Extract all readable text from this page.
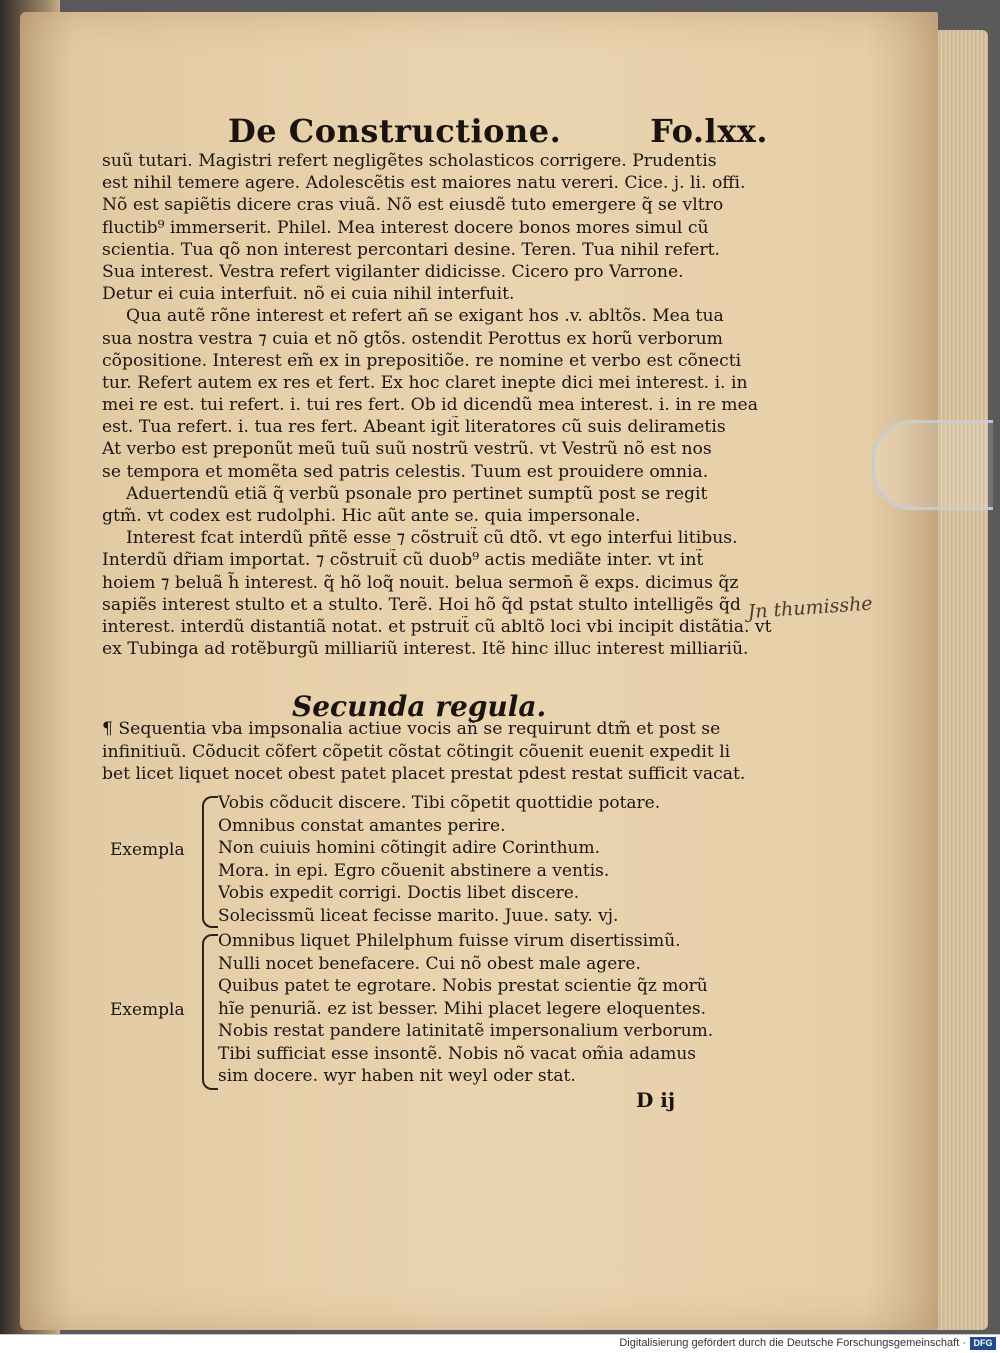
De Constructione.	Fo.lxx.
suũ tutari. Magistri refert negligẽtes scholasticos corrigere. Prudentis
est nihil temere agere. Adolescẽtis est maiores natu vereri. Cice. j. li. offi.
Nõ est sapiẽtis dicere cras viuã. Nõ est eiusdẽ tuto emergere q̃ se vltro
fluctib⁹ immerserit. Philel. Mea interest docere bonos mores simul cũ
scientia. Tua qõ non interest percontari desine. Teren. Tua nihil refert.
Sua interest. Vestra refert vigilanter didicisse. Cicero pro Varrone.
Detur ei cuia interfuit. nõ ei cuia nihil interfuit.
Qua autẽ rõne interest et refert añ se exigant hos .v. abltõs. Mea tua
sua nostra vestra ⁊ cuia et nõ gtõs. ostendit Perottus ex horũ verborum
cõpositione. Interest em̃ ex in prepositiõe. re nomine et verbo est cõnecti
tur. Refert autem ex res et fert. Ex hoc claret inepte dici mei interest. i. in
mei re est. tui refert. i. tui res fert. Ob id dicendũ mea interest. i. in re mea
est. Tua refert. i. tua res fert. Abeant igit̃ literatores cũ suis delirametis
At verbo est preponũt meũ tuũ suũ nostrũ vestrũ. vt Vestrũ nõ est nos
se tempora et momẽta sed patris celestis. Tuum est prouidere omnia.
Aduertendũ etiã q̃ verbũ psonale pro pertinet sumptũ post se regit
gtm̃. vt codex est rudolphi. Hic aũt ante se. quia impersonale.
Interest fcat interdũ pñtẽ esse ⁊ cõstruit̃ cũ dtõ. vt ego interfui litibus.
Interdũ dr̃iam importat. ⁊ cõstruit̃ cũ duob⁹ actis mediãte inter. vt int̃
hoiem ⁊ beluã h̃ interest. q̃ hõ loq̃ nouit. belua sermon̄ ẽ exps. dicimus q̃z
sapiẽs interest stulto et a stulto. Terẽ. Hoi hõ q̃d pstat stulto intelligẽs q̃d
interest. interdũ distantiã notat. et pstruit̃ cũ abltõ loci vbi incipit distãtia. vt
ex Tubinga ad rotẽburgũ milliariũ interest. Itẽ hinc illuc interest milliariũ.
Secunda regula.
¶ Sequentia vba impsonalia actiue vocis añ se requirunt dtm̃ et post se
infinitiuũ. Cõducit cõfert cõpetit cõstat cõtingit cõuenit euenit expedit li
bet licet liquet nocet obest patet placet prestat pdest restat sufficit vacat.
Exempla
Vobis cõducit discere. Tibi cõpetit quottidie potare.
Omnibus constat amantes perire.
Non cuiuis homini cõtingit adire Corinthum.
Mora. in epi. Egro cõuenit abstinere a ventis.
Vobis expedit corrigi. Doctis libet discere.
Solecissmũ liceat fecisse marito. Juue. saty. vj.
Exempla
Omnibus liquet Philelphum fuisse virum disertissimũ.
Nulli nocet benefacere. Cui nõ obest male agere.
Quibus patet te egrotare. Nobis prestat scientie q̃z morũ
hĩe penuriã. ez ist besser. Mihi placet legere eloquentes.
Nobis restat pandere latinitatẽ impersonalium verborum.
Tibi sufficiat esse insontẽ. Nobis nõ vacat om̃ia adamus
sim docere. wyr haben nit weyl oder stat.
Jn thumisshe
D ij
Digitalisierung gefördert durch die Deutsche Forschungsgemeinschaft · DFG
